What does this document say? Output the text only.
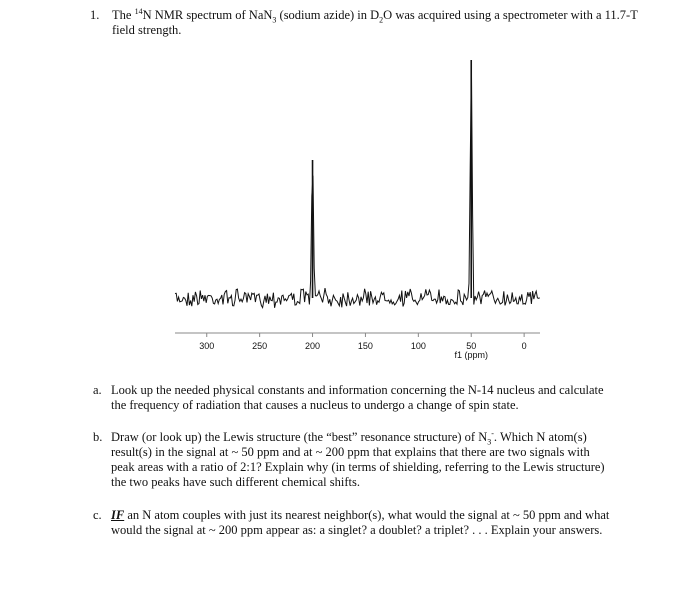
1. The $^{14}$N NMR spectrum of NaN$_3$ (sodium azide) in $D_2O$ was acquired using a spectrometer with a 11.7-T field strength.
300	250	200	150	100	50	0
f1 (ppm)
a. Look up the needed physical constants and information concerning the N-14 nucleus and calculate the frequency of radiation that causes a nucleus to undergo a change of spin state.
b. Draw (or look up) the Lewis structure (the “best” resonance structure) of $N_3^-$. Which N atom(s) result(s) in the signal at ~ 50 ppm and at ~ 200 ppm that explains that there are two signals with peak areas with a ratio of 2:1? Explain why (in terms of shielding, referring to the Lewis structure) the two peaks have such different chemical shifts.
c. IF an N atom couples with just its nearest neighbor(s), what would the signal at ~ 50 ppm and what would the signal at ~ 200 ppm appear as: a singlet? a doublet? a triplet? . . . Explain your answers.
